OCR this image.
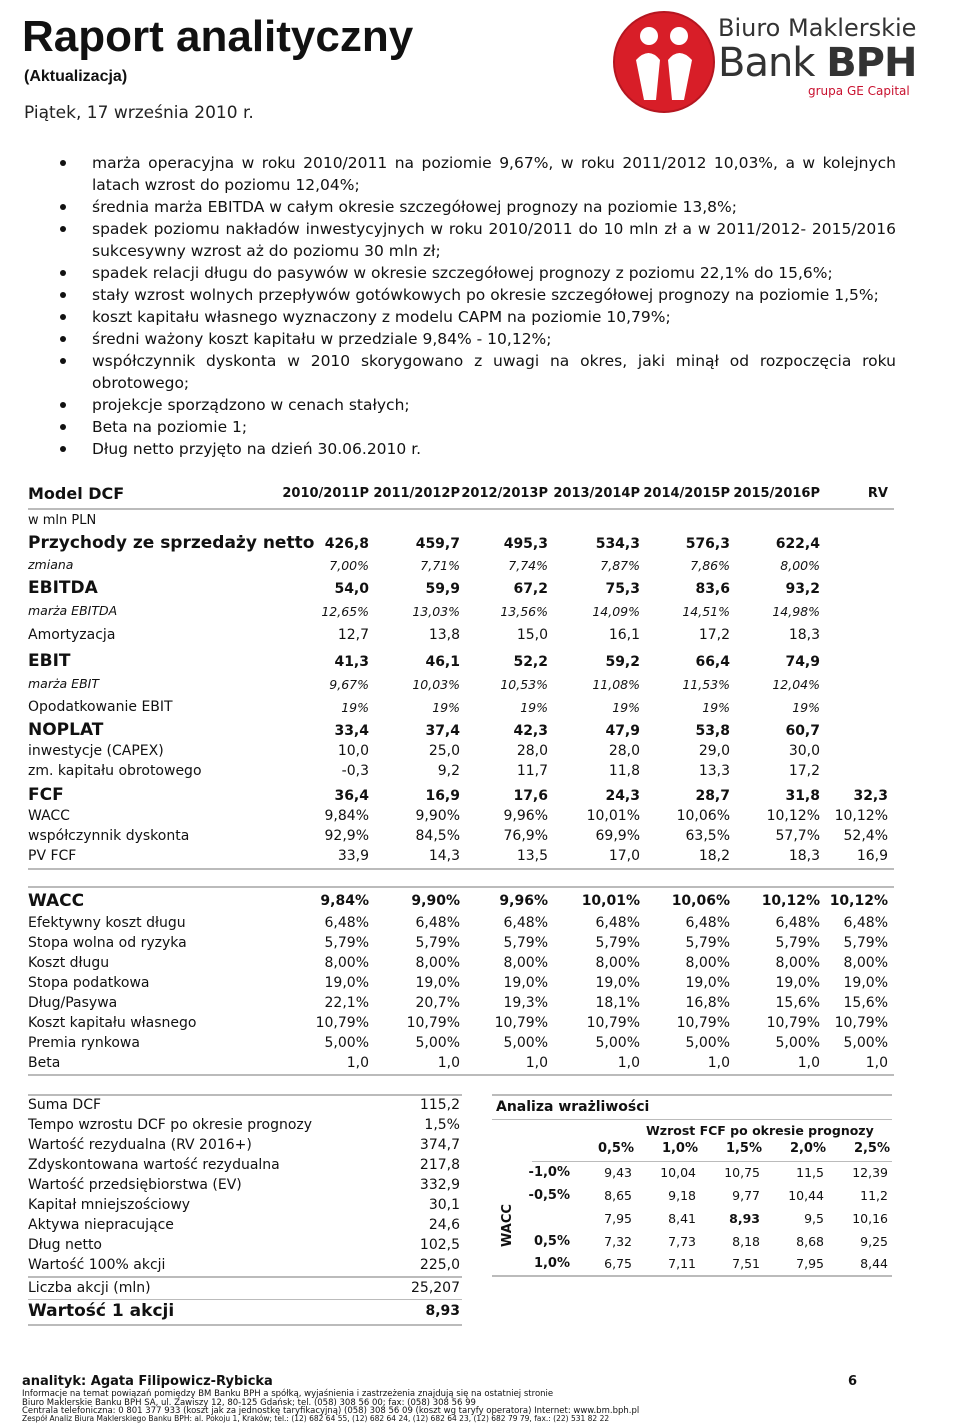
Raport analityczny
(Aktualizacja)
Piątek, 17 września 2010 r.
Biuro Maklerskie
Bank BPH
grupa GE Capital
marża operacyjna w roku 2010/2011 na poziomie 9,67%, w roku 2011/2012 10,03%, a w kolejnych latach wzrost do poziomu 12,04%;
średnia marża EBITDA w całym okresie szczegółowej prognozy na poziomie 13,8%;
spadek poziomu nakładów inwestycyjnych w roku 2010/2011 do 10 mln zł a w 2011/2012- 2015/2016 sukcesywny wzrost aż do poziomu 30 mln zł;
spadek relacji długu do pasywów w okresie szczegółowej prognozy z poziomu 22,1% do 15,6%;
stały wzrost wolnych przepływów gotówkowych po okresie szczegółowej prognozy na poziomie 1,5%;
koszt kapitału własnego wyznaczony z modelu CAPM na poziomie 10,79%;
średni ważony koszt kapitału w przedziale 9,84% - 10,12%;
współczynnik dyskonta w 2010 skorygowano z uwagi na okres, jaki minął od rozpoczęcia roku obrotowego;
projekcje sporządzono w cenach stałych;
Beta na poziomie 1;
Dług netto przyjęto na dzień 30.06.2010 r.
Model DCF	2010/2011P 2011/2012P 2012/2013P 2013/2014P 2014/2015P 2015/2016P	RV
w mln PLN
Przychody ze sprzedaży netto 426,8	459,7	495,3	534,3	576,3	622,4
zmiana	7,00%	7,71%	7,74%	7,87%	7,86%	8,00%
EBITDA	54,0	59,9	67,2	75,3	83,6	93,2
marża EBITDA	12,65%	13,03%	13,56%	14,09%	14,51%	14,98%
Amortyzacja	12,7	13,8	15,0	16,1	17,2	18,3
EBIT	41,3	46,1	52,2	59,2	66,4	74,9
marża EBIT	9,67%	10,03%	10,53%	11,08%	11,53%	12,04%
Opodatkowanie EBIT	19%	19%	19%	19%	19%	19%
NOPLAT	33,4	37,4	42,3	47,9	53,8	60,7
inwestycje (CAPEX)	10,0	25,0	28,0	28,0	29,0	30,0
zm. kapitału obrotowego	-0,3	9,2	11,7	11,8	13,3	17,2
FCF	36,4	16,9	17,6	24,3	28,7	31,8	32,3
WACC	9,84%	9,90%	9,96%	10,01%	10,06%	10,12%	10,12%
współczynnik dyskonta	92,9%	84,5%	76,9%	69,9%	63,5%	57,7%	52,4%
PV FCF	33,9	14,3	13,5	17,0	18,2	18,3	16,9
WACC	9,84%	9,90%	9,96%	10,01%	10,06%	10,12% 10,12%
Efektywny koszt długu	6,48%	6,48%	6,48%	6,48%	6,48%	6,48%	6,48%
Stopa wolna od ryzyka	5,79%	5,79%	5,79%	5,79%	5,79%	5,79%	5,79%
Koszt długu	8,00%	8,00%	8,00%	8,00%	8,00%	8,00%	8,00%
Stopa podatkowa	19,0%	19,0%	19,0%	19,0%	19,0%	19,0%	19,0%
Dług/Pasywa	22,1%	20,7%	19,3%	18,1%	16,8%	15,6%	15,6%
Koszt kapitału własnego	10,79%	10,79%	10,79%	10,79%	10,79%	10,79%	10,79%
Premia rynkowa	5,00%	5,00%	5,00%	5,00%	5,00%	5,00%	5,00%
Beta	1,0	1,0	1,0	1,0	1,0	1,0	1,0
Suma DCF	115,2
Tempo wzrostu DCF po okresie prognozy	1,5%
Wartość rezydualna (RV 2016+)	374,7
Zdyskontowana wartość rezydualna	217,8
Wartość przedsiębiorstwa (EV)	332,9
Kapitał mniejszościowy	30,1
Aktywa niepracujące	24,6
Dług netto	102,5
Wartość 100% akcji	225,0
Liczba akcji (mln)	25,207
Wartość 1 akcji	8,93
Analiza wrażliwości
Wzrost FCF po okresie prognozy
0,5%	1,0%	1,5%	2,0%	2,5%
WACC
-1,0%	9,43	10,04	10,75	11,5	12,39
-0,5%	8,65	9,18	9,77	10,44	11,2
7,95	8,41	8,93	9,5	10,16
0,5%	7,32	7,73	8,18	8,68	9,25
1,0%	6,75	7,11	7,51	7,95	8,44
analityk: Agata Filipowicz-Rybicka	6
Informacje na temat powiązań pomiędzy BM Banku BPH a spółką, wyjaśnienia i zastrzeżenia znajdują się na ostatniej stronie
Biuro Maklerskie Banku BPH SA, ul. Zawiszy 12, 80-125 Gdańsk; tel. (058) 308 56 00; fax: (058) 308 56 99
Centrala telefoniczna: 0 801 377 933 (koszt jak za jednostkę taryfikacyjną) (058) 308 56 09 (koszt wg taryfy operatora) Internet: www.bm.bph.pl
Zespół Analiz Biura Maklerskiego Banku BPH: al. Pokoju 1, Kraków; tel.: (12) 682 64 55, (12) 682 64 24, (12) 682 64 23, (12) 682 79 79, fax.: (22) 531 82 22
